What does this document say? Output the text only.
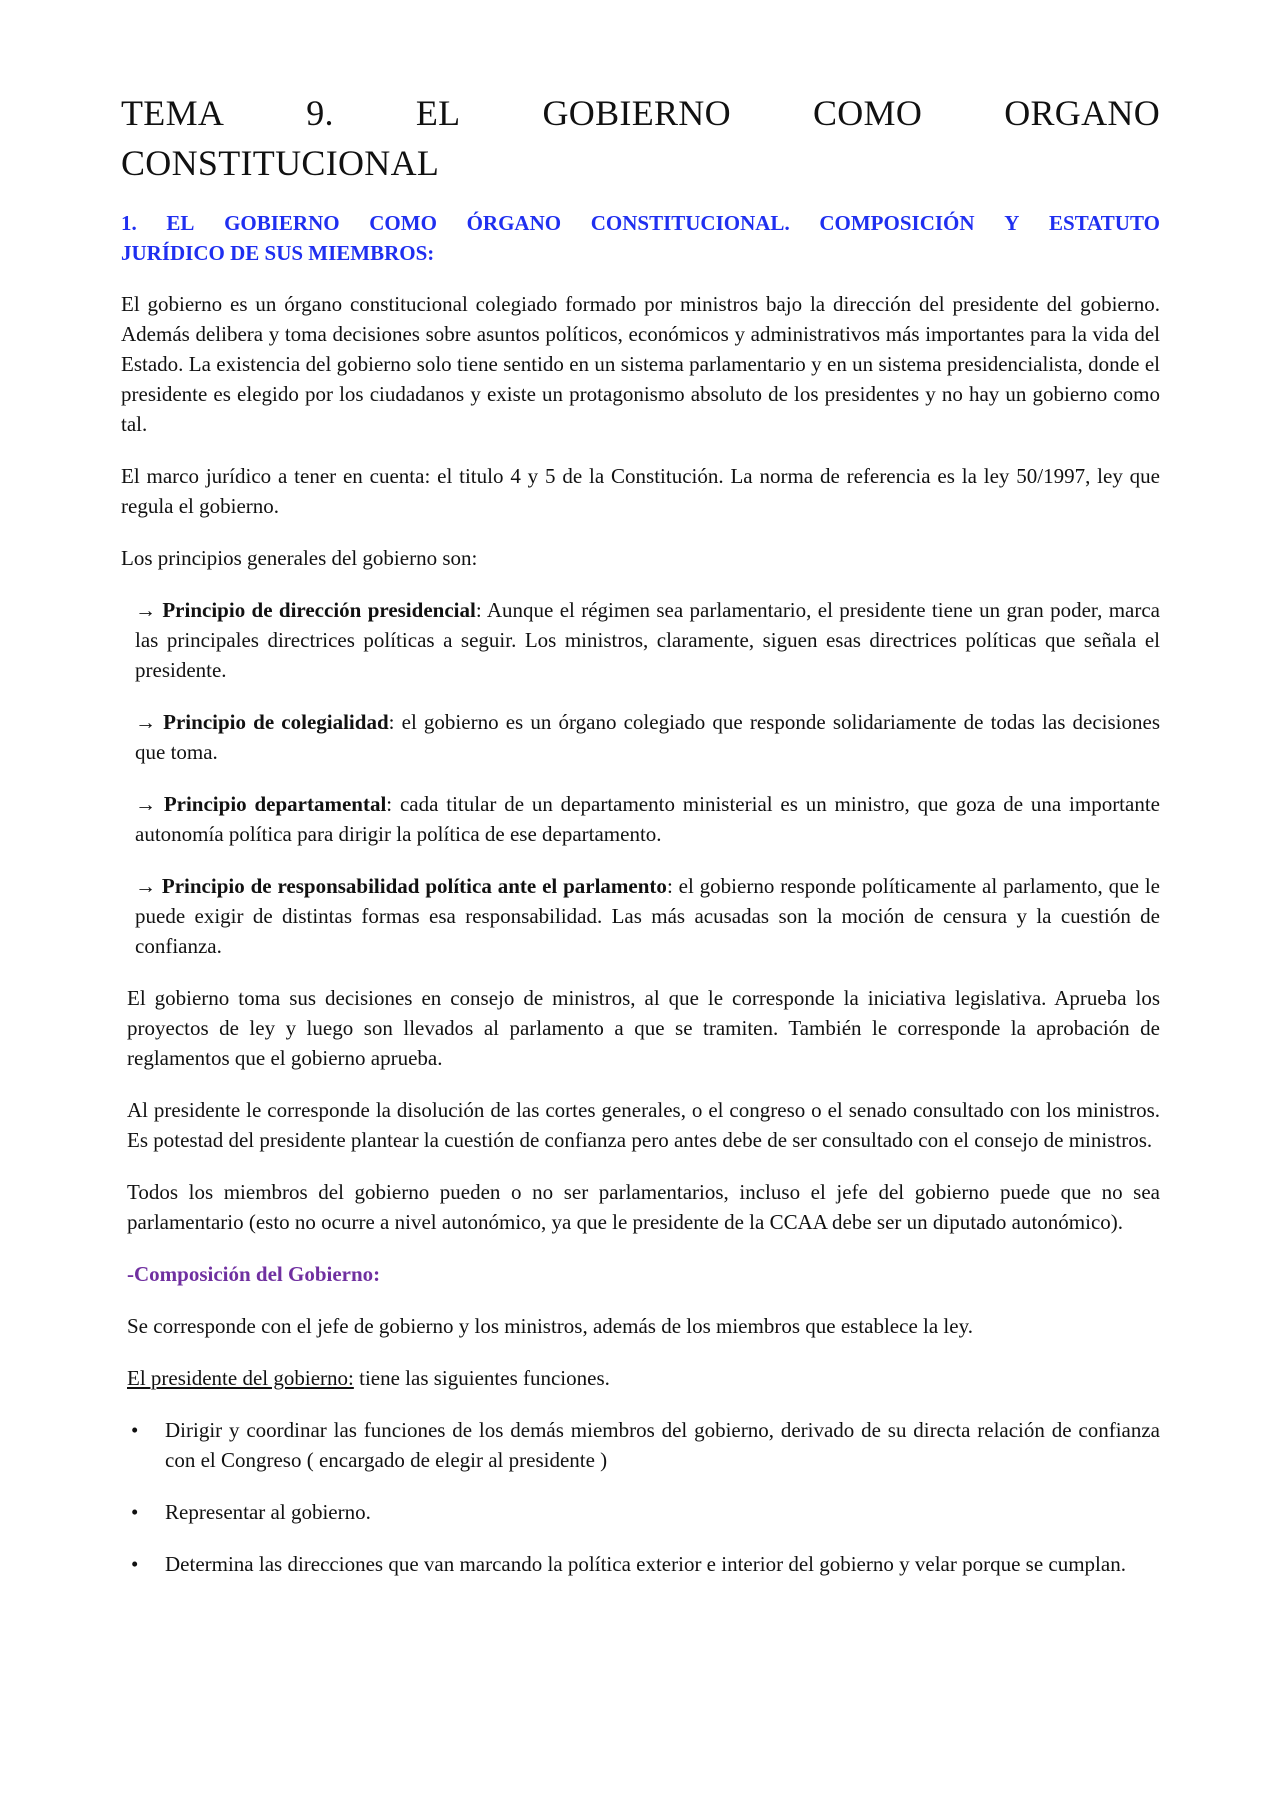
TEMA 9. EL GOBIERNO COMO ORGANO
CONSTITUCIONAL
1. EL GOBIERNO COMO ÓRGANO CONSTITUCIONAL. COMPOSICIÓN Y ESTATUTO
JURÍDICO DE SUS MIEMBROS:

El gobierno es un órgano constitucional colegiado formado por ministros bajo la dirección del presidente del gobierno. Además delibera y toma decisiones sobre asuntos políticos, económicos y administrativos más importantes para la vida del Estado. La existencia del gobierno solo tiene sentido en un sistema parlamentario y en un sistema presidencialista, donde el presidente es elegido por los ciudadanos y existe un protagonismo absoluto de los presidentes y no hay un gobierno como tal.

El marco jurídico a tener en cuenta: el titulo 4 y 5 de la Constitución. La norma de referencia es la ley 50/1997, ley que regula el gobierno.

Los principios generales del gobierno son:

→ Principio de dirección presidencial: Aunque el régimen sea parlamentario, el presidente tiene un gran poder, marca las principales directrices políticas a seguir. Los ministros, claramente, siguen esas directrices políticas que señala el presidente.

→ Principio de colegialidad: el gobierno es un órgano colegiado que responde solidariamente de todas las decisiones que toma.

→ Principio departamental: cada titular de un departamento ministerial es un ministro, que goza de una importante autonomía política para dirigir la política de ese departamento.

→ Principio de responsabilidad política ante el parlamento: el gobierno responde políticamente al parlamento, que le puede exigir de distintas formas esa responsabilidad. Las más acusadas son la moción de censura y la cuestión de confianza.

El gobierno toma sus decisiones en consejo de ministros, al que le corresponde la iniciativa legislativa. Aprueba los proyectos de ley y luego son llevados al parlamento a que se tramiten. También le corresponde la aprobación de reglamentos que el gobierno aprueba.

Al presidente le corresponde la disolución de las cortes generales, o el congreso o el senado consultado con los ministros. Es potestad del presidente plantear la cuestión de confianza pero antes debe de ser consultado con el consejo de ministros.

Todos los miembros del gobierno pueden o no ser parlamentarios, incluso el jefe del gobierno puede que no sea parlamentario (esto no ocurre a nivel autonómico, ya que le presidente de la CCAA debe ser un diputado autonómico).

-Composición del Gobierno:

Se corresponde con el jefe de gobierno y los ministros, además de los miembros que establece la ley.

El presidente del gobierno: tiene las siguientes funciones.

• Dirigir y coordinar las funciones de los demás miembros del gobierno, derivado de su directa relación de confianza con el Congreso ( encargado de elegir al presidente )
• Representar al gobierno.
• Determina las direcciones que van marcando la política exterior e interior del gobierno y velar porque se cumplan.
